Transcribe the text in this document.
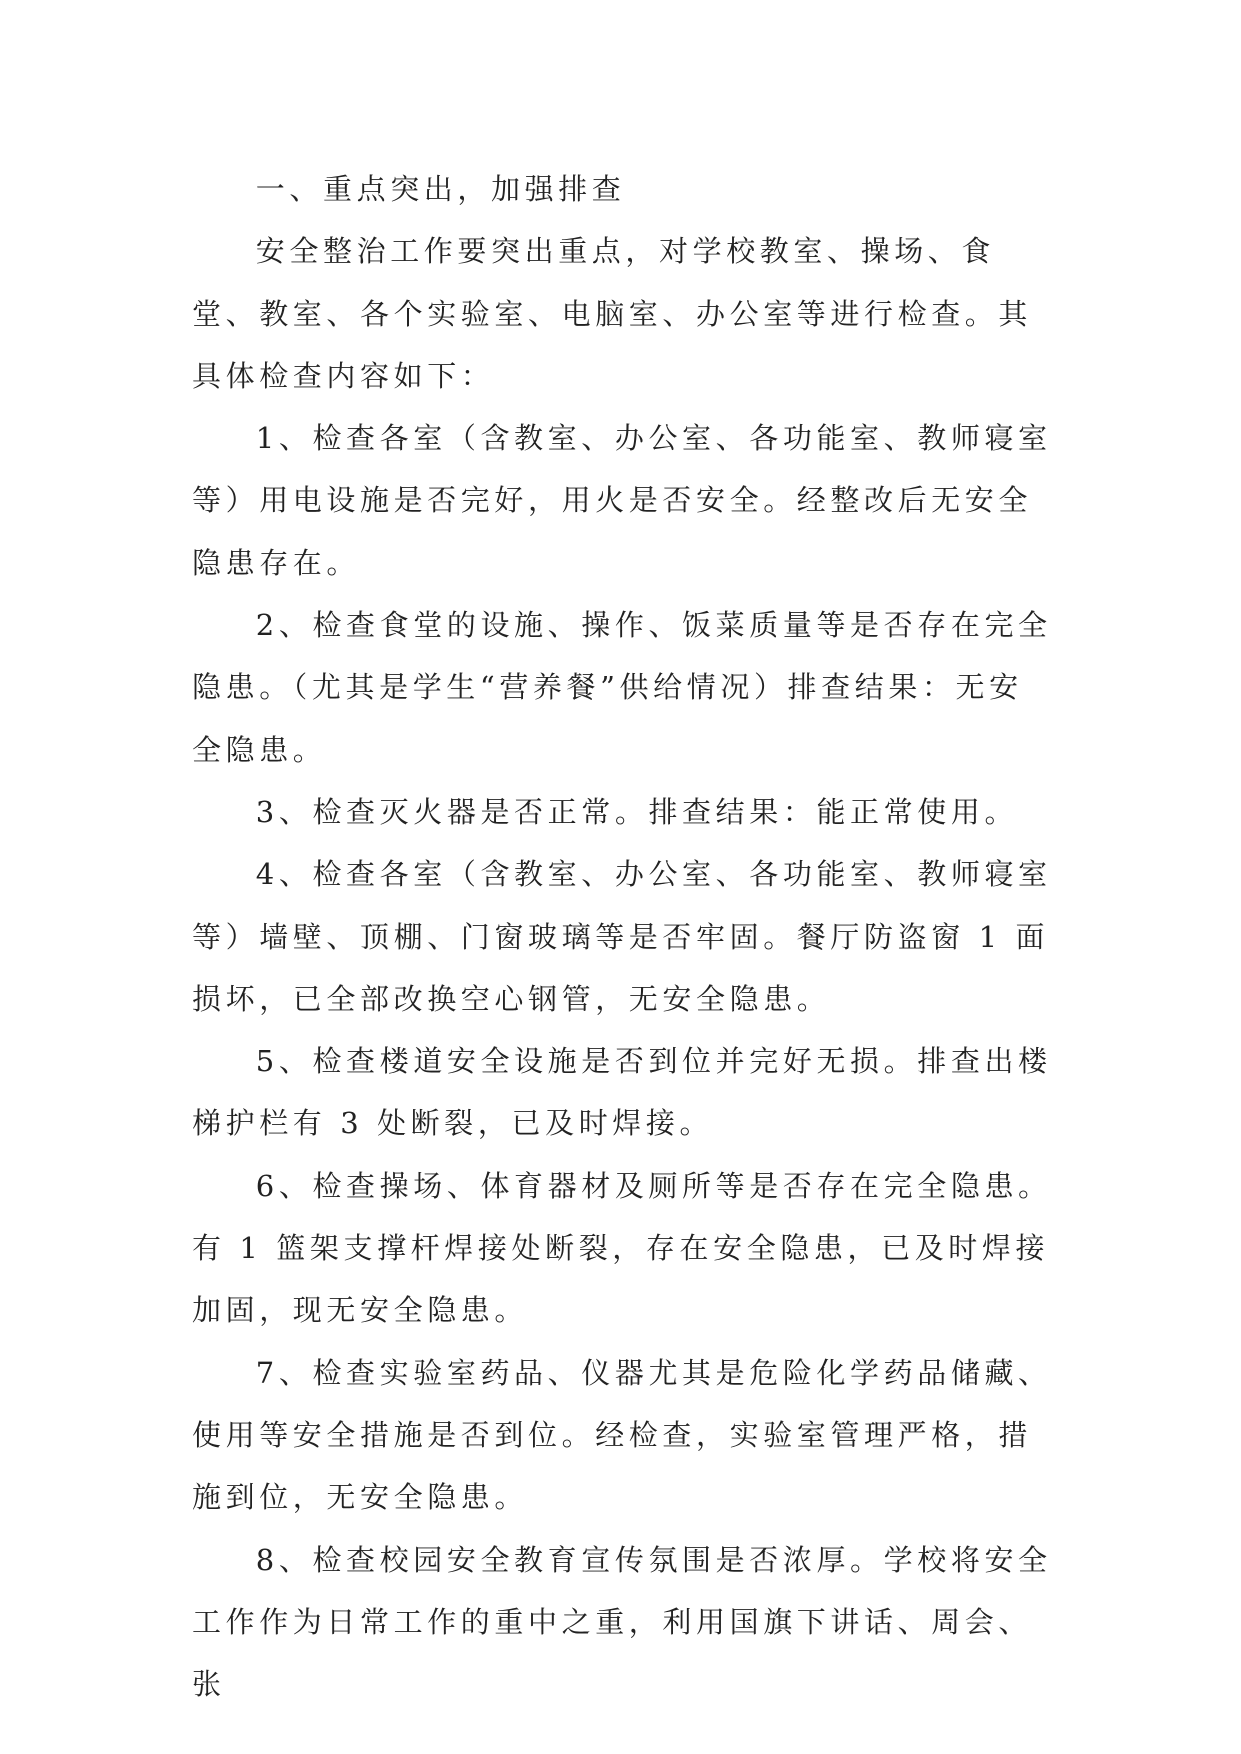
一、重点突出，加强排查

安全整治工作要突出重点，对学校教室、操场、食堂、教室、各个实验室、电脑室、办公室等进行检查。其具体检查内容如下：

1、检查各室（含教室、办公室、各功能室、教师寝室等）用电设施是否完好，用火是否安全。经整改后无安全隐患存在。

2、检查食堂的设施、操作、饭菜质量等是否存在完全隐患。（尤其是学生“营养餐”供给情况）排查结果：无安全隐患。

3、检查灭火器是否正常。排查结果：能正常使用。

4、检查各室（含教室、办公室、各功能室、教师寝室等）墙壁、顶棚、门窗玻璃等是否牢固。餐厅防盗窗 1 面损坏，已全部改换空心钢管，无安全隐患。

5、检查楼道安全设施是否到位并完好无损。排查出楼梯护栏有 3 处断裂，已及时焊接。

6、检查操场、体育器材及厕所等是否存在完全隐患。有 1 篮架支撑杆焊接处断裂，存在安全隐患，已及时焊接加固，现无安全隐患。

7、检查实验室药品、仪器尤其是危险化学药品储藏、使用等安全措施是否到位。经检查，实验室管理严格，措施到位，无安全隐患。

8、检查校园安全教育宣传氛围是否浓厚。学校将安全工作作为日常工作的重中之重，利用国旗下讲话、周会、张
